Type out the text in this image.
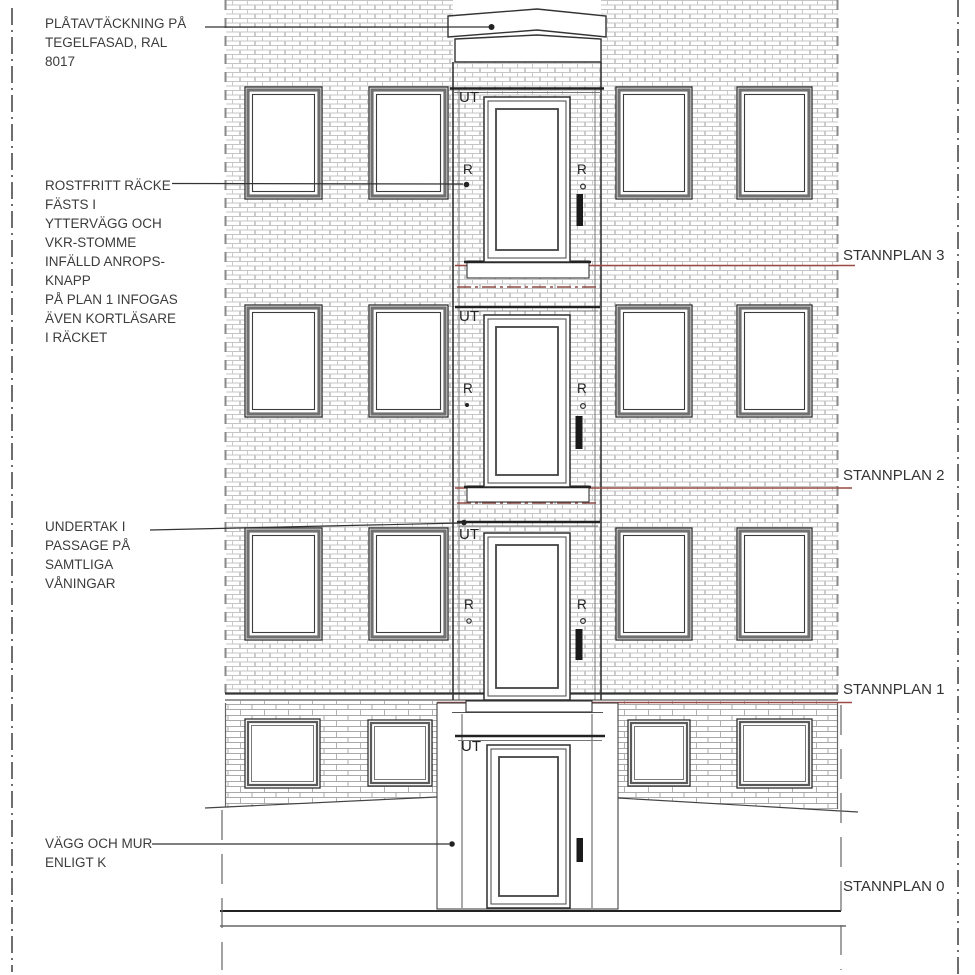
PLÅTAVTÄCKNING PÅ
TEGELFASAD, RAL
8017
ROSTFRITT RÄCKE
FÄSTS I
YTTERVÄGG OCH
VKR-STOMME
INFÄLLD ANROPS-
KNAPP
PÅ PLAN 1 INFOGAS
ÄVEN KORTLÄSARE
I RÄCKET
UNDERTAK I
PASSAGE PÅ
SAMTLIGA
VÅNINGAR
VÄGG OCH MUR
ENLIGT K
STANNPLAN 3
STANNPLAN 2
STANNPLAN 1
STANNPLAN 0
UT
UT
UT
UT
R	R
R	R
R	R
